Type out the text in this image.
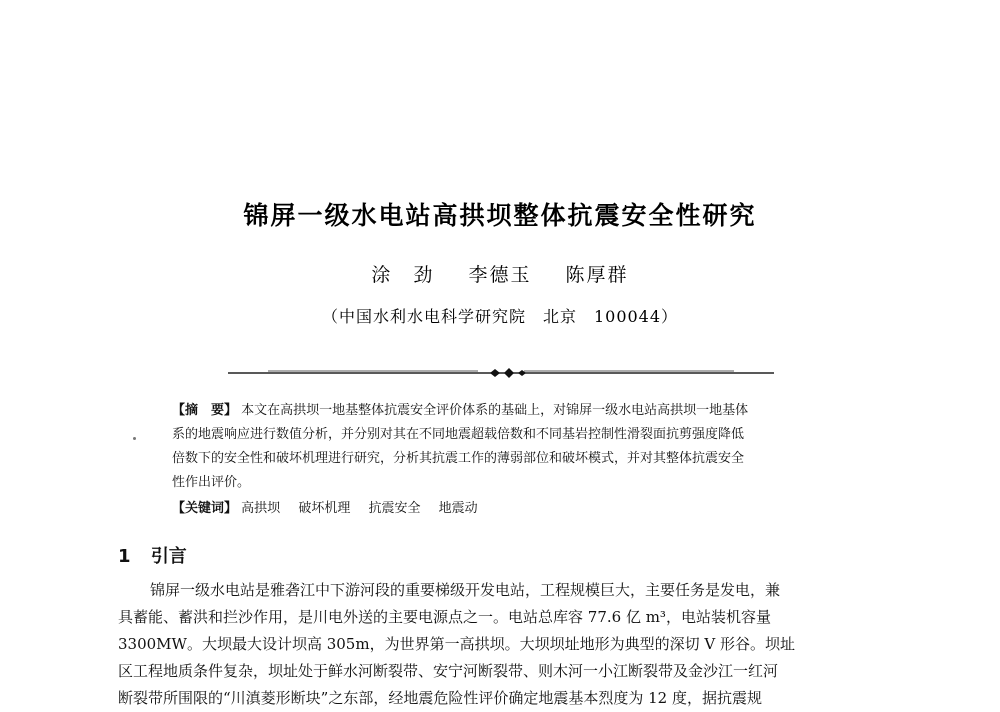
锦屏一级水电站高拱坝整体抗震安全性研究
涂　劲 李德玉 陈厚群
（中国水利水电科学研究院　北京　100044）
【摘　要】 本文在高拱坝一地基整体抗震安全评价体系的基础上，对锦屏一级水电站高拱坝一地基体
系的地震响应进行数值分析，并分别对其在不同地震超载倍数和不同基岩控制性滑裂面抗剪强度降低
倍数下的安全性和破坏机理进行研究，分析其抗震工作的薄弱部位和破坏模式，并对其整体抗震安全
性作出评价。
【关键词】 高拱坝 破坏机理 抗震安全 地震动
1 引言
锦屏一级水电站是雅砻江中下游河段的重要梯级开发电站，工程规模巨大，主要任务是发电，兼
具蓄能、蓄洪和拦沙作用，是川电外送的主要电源点之一。电站总库容 77.6 亿 m³，电站装机容量
3300MW。大坝最大设计坝高 305m，为世界第一高拱坝。大坝坝址地形为典型的深切 V 形谷。坝址
区工程地质条件复杂，坝址处于鲜水河断裂带、安宁河断裂带、则木河一小江断裂带及金沙江一红河
断裂带所围限的“川滇菱形断块”之东部，经地震危险性评价确定地震基本烈度为 12 度，据抗震规
